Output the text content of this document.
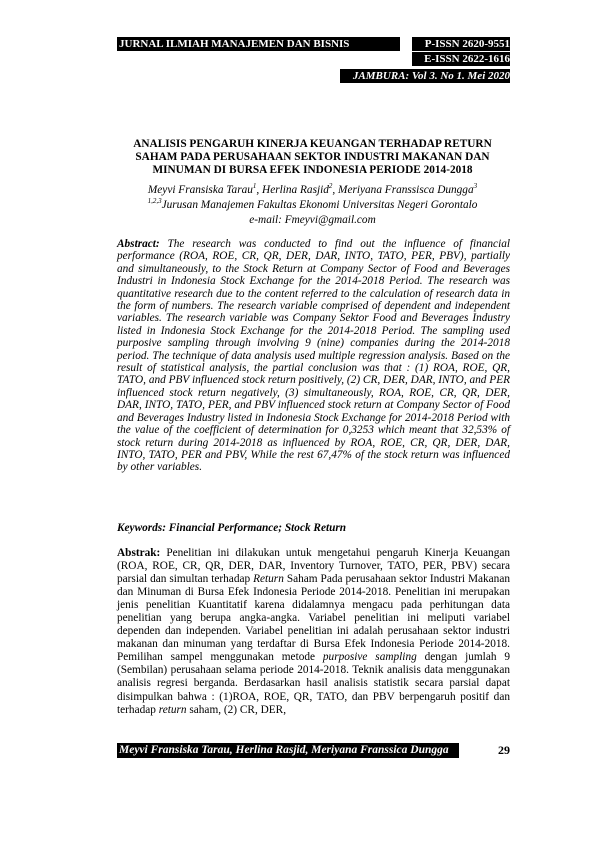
JURNAL ILMIAH MANAJEMEN DAN BISNIS	P-ISSN 2620-9551
E-ISSN 2622-1616
JAMBURA: Vol 3. No 1. Mei 2020
ANALISIS PENGARUH KINERJA KEUANGAN TERHADAP RETURN
SAHAM PADA PERUSAHAAN SEKTOR INDUSTRI MAKANAN DAN
MINUMAN DI BURSA EFEK INDONESIA PERIODE 2014-2018
Meyvi Fransiska Tarau$^1$, Herlina Rasjid$^2$, Meriyana Franssisca Dungga$^3$
$^{1,2,3}$Jurusan Manajemen Fakultas Ekonomi Universitas Negeri Gorontalo
e-mail: Fmeyvi@gmail.com
Abstract: The research was conducted to find out the influence of financial performance (ROA, ROE, CR, QR, DER, DAR, INTO, TATO, PER, PBV), partially and simultaneously, to the Stock Return at Company Sector of Food and Beverages Industri in Indonesia Stock Exchange for the 2014-2018 Period. The research was quantitative research due to the content referred to the calculation of research data in the form of numbers. The research variable comprised of dependent and independent variables. The research variable was Company Sektor Food and Beverages Industry listed in Indonesia Stock Exchange for the 2014-2018 Period. The sampling used purposive sampling through involving 9 (nine) companies during the 2014-2018 period. The technique of data analysis used multiple regression analysis. Based on the result of statistical analysis, the partial conclusion was that : (1) ROA, ROE, QR, TATO, and PBV influenced stock return positively, (2) CR, DER, DAR, INTO, and PER influenced stock return negatively, (3) simultaneously, ROA, ROE, CR, QR, DER, DAR, INTO, TATO, PER, and PBV influenced stock return at Company Sector of Food and Beverages Industry listed in Indonesia Stock Exchange for 2014-2018 Period with the value of the coefficient of determination for 0,3253 which meant that 32,53% of stock return during 2014-2018 as influenced by ROA, ROE, CR, QR, DER, DAR, INTO, TATO, PER and PBV, While the rest 67,47% of the stock return was influenced by other variables.
Keywords: Financial Performance; Stock Return
Abstrak: Penelitian ini dilakukan untuk mengetahui pengaruh Kinerja Keuangan (ROA, ROE, CR, QR, DER, DAR, Inventory Turnover, TATO, PER, PBV) secara parsial dan simultan terhadap Return Saham Pada perusahaan sektor Industri Makanan dan Minuman di Bursa Efek Indonesia Periode 2014-2018. Penelitian ini merupakan jenis penelitian Kuantitatif karena didalamnya mengacu pada perhitungan data penelitian yang berupa angka-angka. Variabel penelitian ini meliputi variabel dependen dan independen. Variabel penelitian ini adalah perusahaan sektor industri makanan dan minuman yang terdaftar di Bursa Efek Indonesia Periode 2014-2018. Pemilihan sampel menggunakan metode purposive sampling dengan jumlah 9 (Sembilan) perusahaan selama periode 2014-2018. Teknik analisis data menggunakan analisis regresi berganda. Berdasarkan hasil analisis statistik secara parsial dapat disimpulkan bahwa : (1)ROA, ROE, QR, TATO, dan PBV berpengaruh positif dan terhadap return saham, (2) CR, DER,
Meyvi Fransiska Tarau, Herlina Rasjid, Meriyana Franssica Dungga	29
